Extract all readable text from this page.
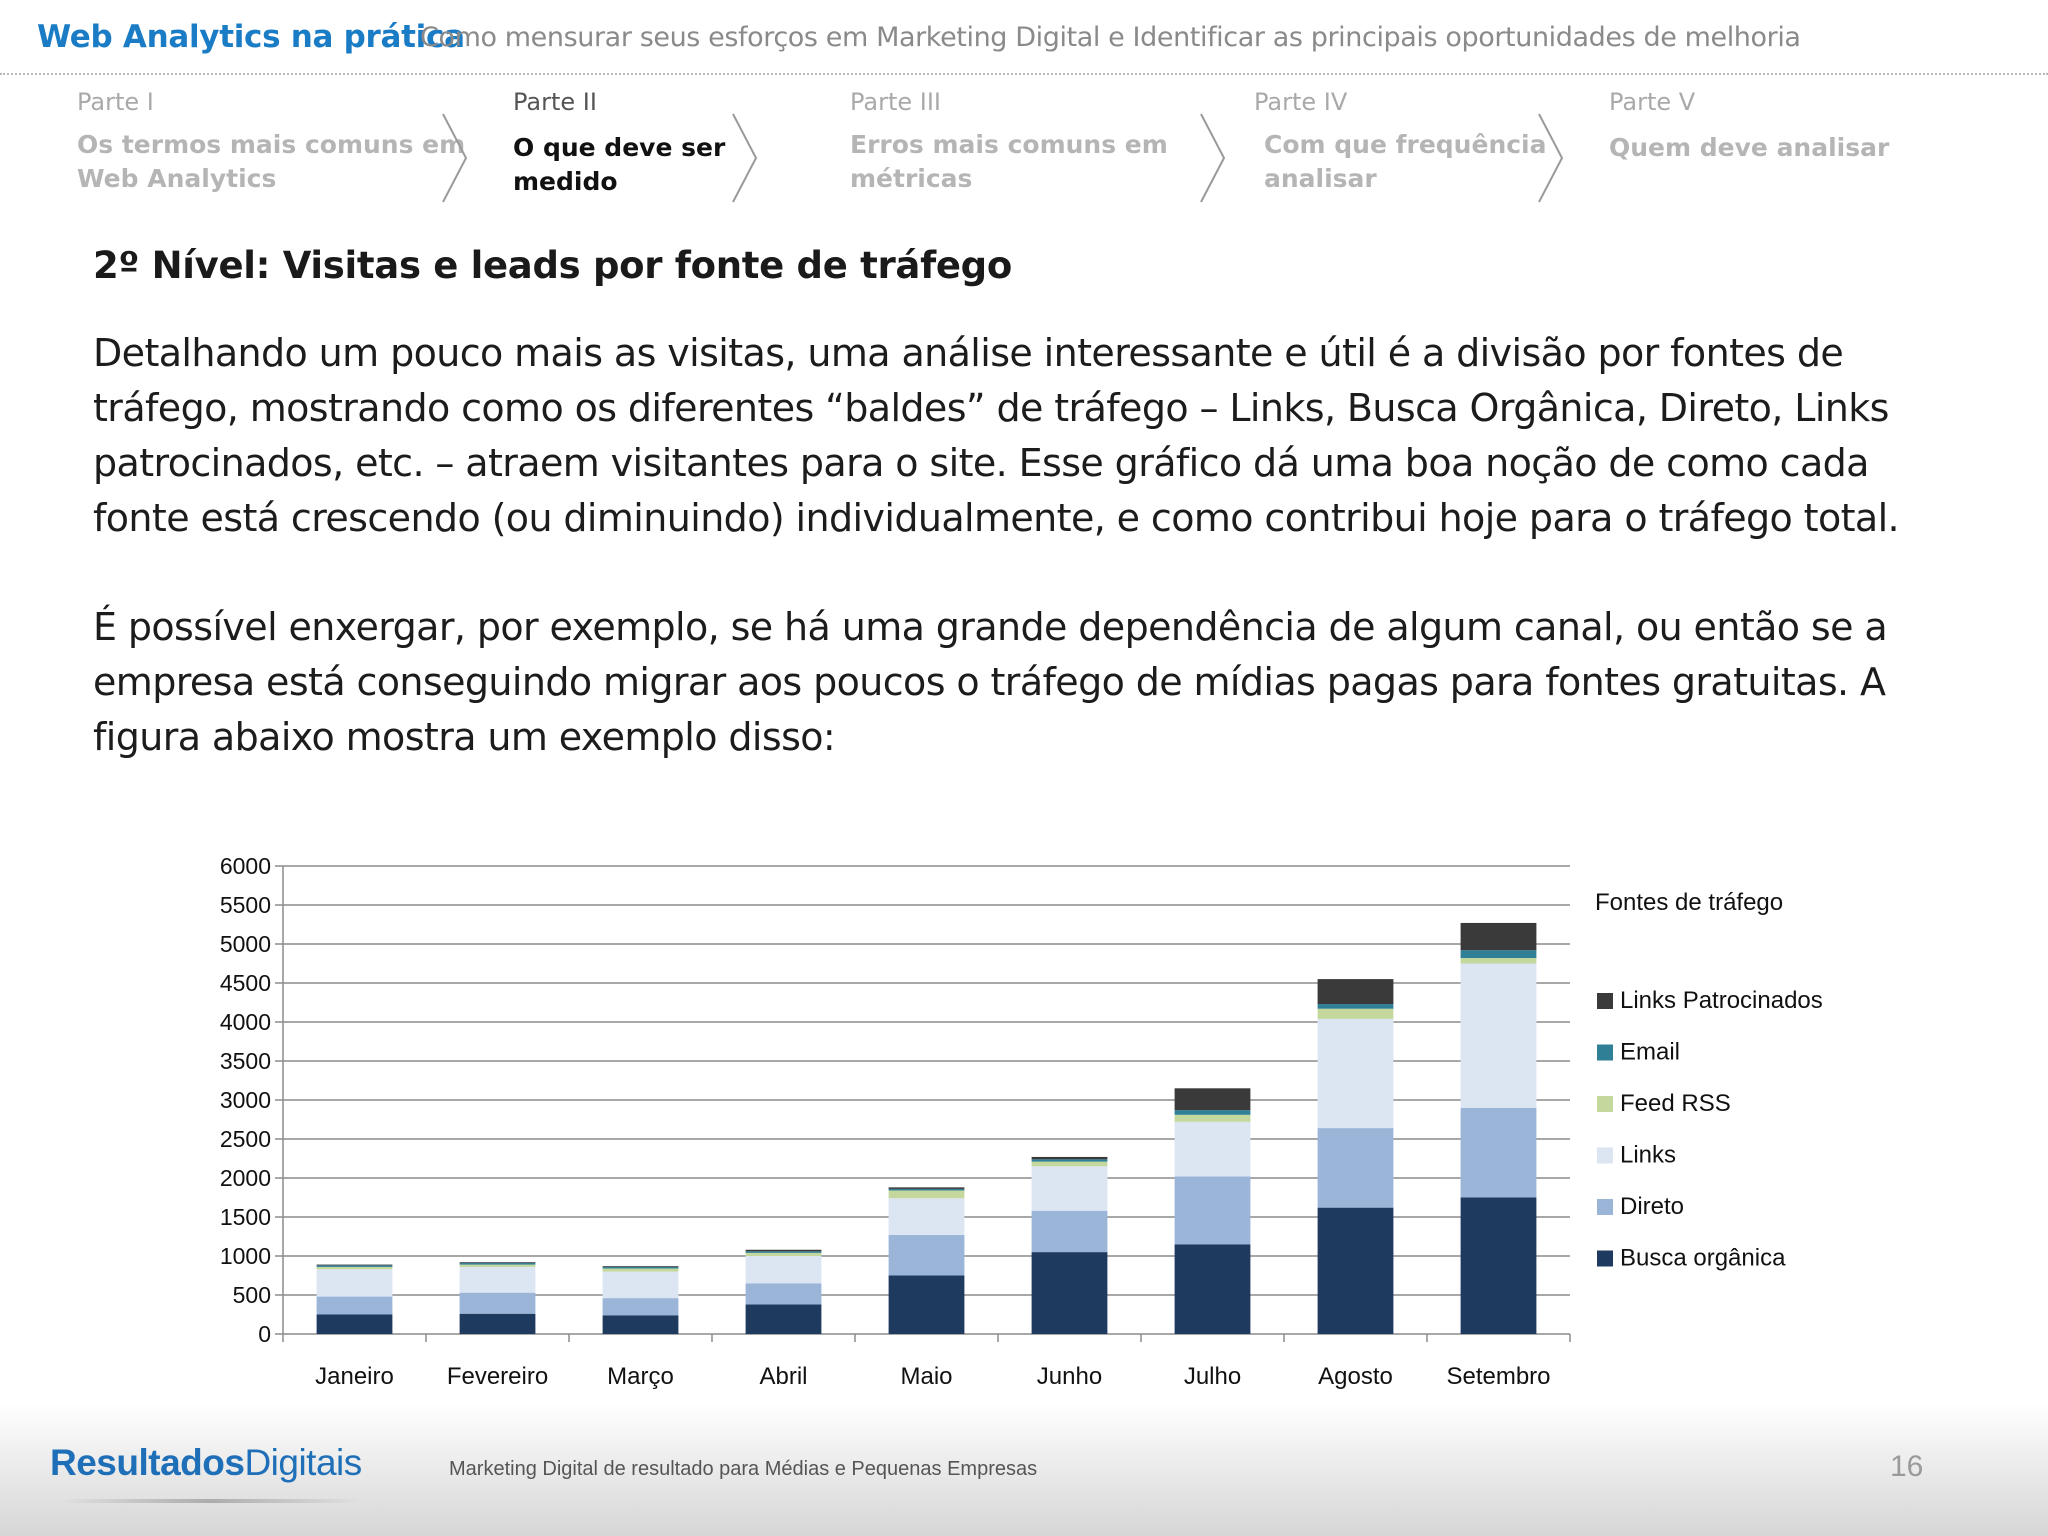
Web Analytics na prática
Como mensurar seus esforços em Marketing Digital e Identificar as principais oportunidades de melhoria
Parte I
Os termos mais comuns em
Web Analytics
Parte II
O que deve ser
medido
Parte III
Erros mais comuns em
métricas
Parte IV
Com que frequência
analisar
Parte V
Quem deve analisar
2º Nível: Visitas e leads por fonte de tráfego
Detalhando um pouco mais as visitas, uma análise interessante e útil é a divisão por fontes de
tráfego, mostrando como os diferentes “baldes” de tráfego – Links, Busca Orgânica, Direto, Links
patrocinados, etc. – atraem visitantes para o site. Esse gráfico dá uma boa noção de como cada
fonte está crescendo (ou diminuindo) individualmente, e como contribui hoje para o tráfego total.
É possível enxergar, por exemplo, se há uma grande dependência de algum canal, ou então se a
empresa está conseguindo migrar aos poucos o tráfego de mídias pagas para fontes gratuitas. A
figura abaixo mostra um exemplo disso:
0
500
1000
1500
2000
2500
3000
3500
4000
4500
5000
5500
6000
Janeiro Fevereiro Março	Abril	Maio	Junho	Julho	Agosto Setembro
Fontes de tráfego
Links Patrocinados
Email
Feed RSS
Links
Direto
Busca orgânica
ResultadosDigitais	Marketing Digital de resultado para Médias e Pequenas Empresas	16
